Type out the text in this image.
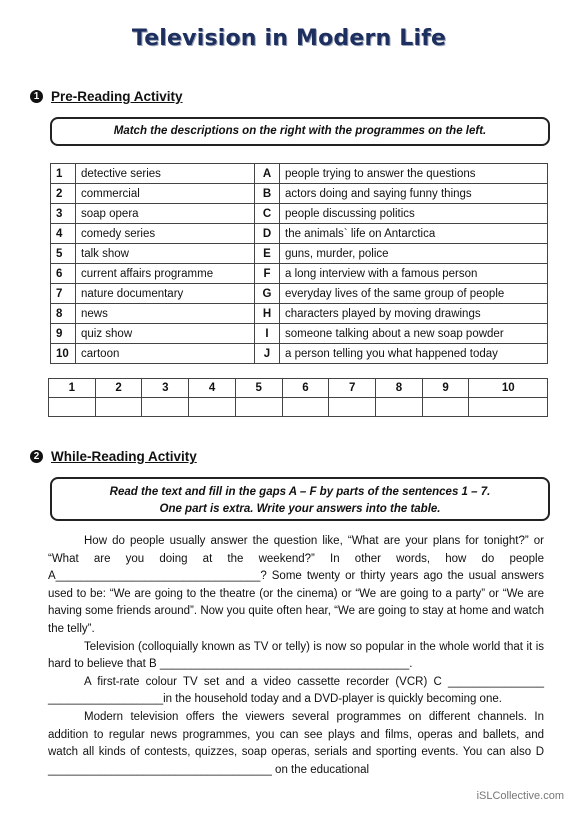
Television in Modern Life
1 Pre-Reading Activity
Match the descriptions on the right with the programmes on the left.
1	detective series	A	people trying to answer the questions
2	commercial	B	actors doing and saying funny things
3	soap opera	C	people discussing politics
4	comedy series	D	the animals` life on Antarctica
5	talk show	E	guns, murder, police
6	current affairs programme	F	a long interview with a famous person
7	nature documentary	G	everyday lives of the same group of people
8	news	H	characters played by moving drawings
9	quiz show	I	someone talking about a new soap powder
10	cartoon	J	a person telling you what happened today
1	2	3	4	5	6	7	8	9	10

2 While-Reading Activity
Read the text and fill in the gaps A – F by parts of the sentences 1 – 7.
One part is extra. Write your answers into the table.

How do people usually answer the question like, “What are your plans for tonight?” or “What are you doing at the weekend?” In other words, how do people A________________________________? Some twenty or thirty years ago the usual answers used to be: “We are going to the theatre (or the cinema) or “We are going to a party” or “We are having some friends around”. Now you quite often hear, “We are going to stay at home and watch the telly”.

Television (colloquially known as TV or telly) is now so popular in the whole world that it is hard to believe that B _______________________________________.

A first-rate colour TV set and a video cassette recorder (VCR) C _______________ __________________in the household today and a DVD-player is quickly becoming one.

Modern television offers the viewers several programmes on different channels. In addition to regular news programmes, you can see plays and films, operas and ballets, and watch all kinds of contests, quizzes, soap operas, serials and sporting events. You can also D ___________________________________ on the educational

iSLCollective.com
